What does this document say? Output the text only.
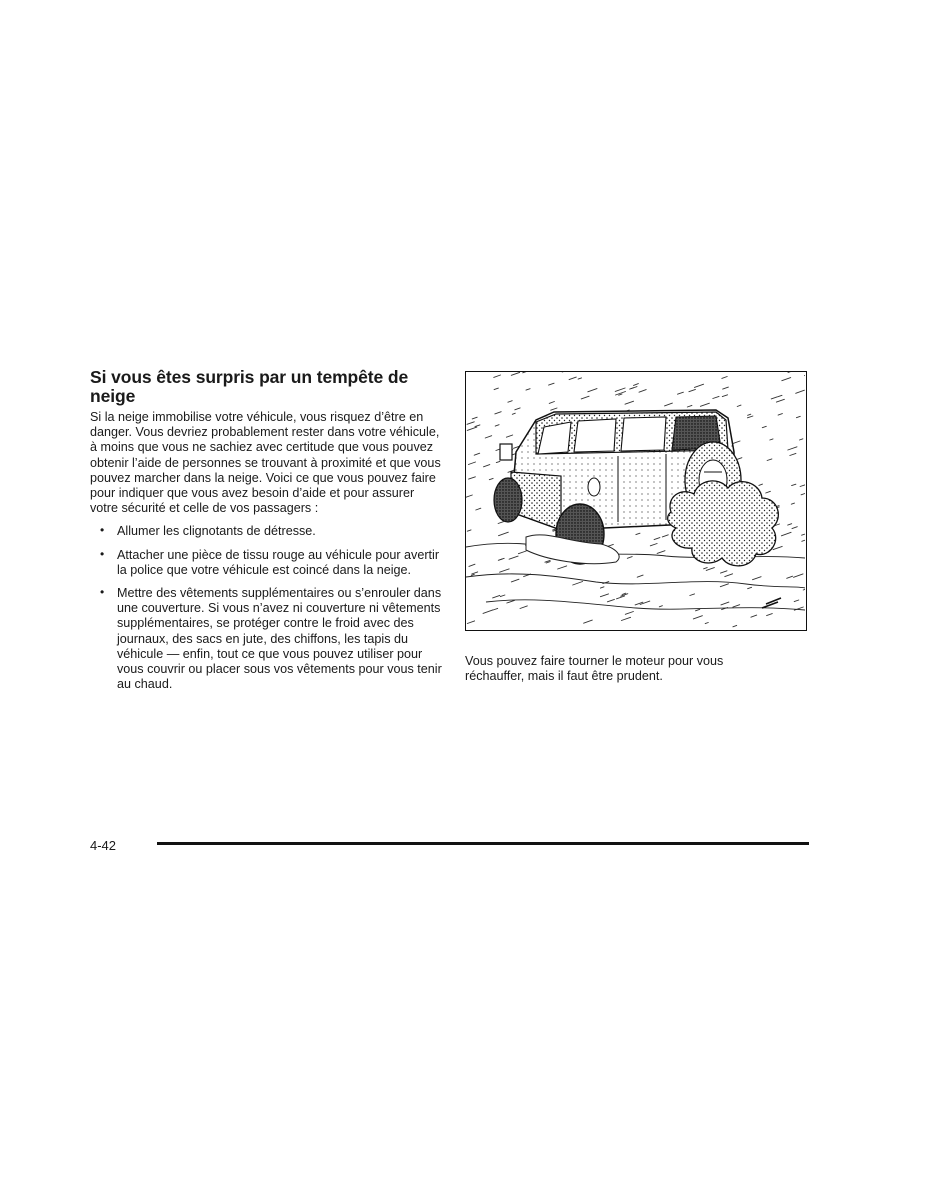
Si vous êtes surpris par un tempête de neige

Si la neige immobilise votre véhicule, vous risquez d’être en danger. Vous devriez probablement rester dans votre véhicule, à moins que vous ne sachiez avec certitude que vous pouvez obtenir l’aide de personnes se trouvant à proximité et que vous pouvez marcher dans la neige. Voici ce que vous pouvez faire pour indiquer que vous avez besoin d’aide et pour assurer votre sécurité et celle de vos passagers :

• Allumer les clignotants de détresse.
• Attacher une pièce de tissu rouge au véhicule pour avertir la police que votre véhicule est coincé dans la neige.
• Mettre des vêtements supplémentaires ou s’enrouler dans une couverture. Si vous n’avez ni couverture ni vêtements supplémentaires, se protéger contre le froid avec des journaux, des sacs en jute, des chiffons, les tapis du véhicule — enfin, tout ce que vous pouvez utiliser pour vous couvrir ou placer sous vos vêtements pour vous tenir au chaud.

Vous pouvez faire tourner le moteur pour vous réchauffer, mais il faut être prudent.

4-42
